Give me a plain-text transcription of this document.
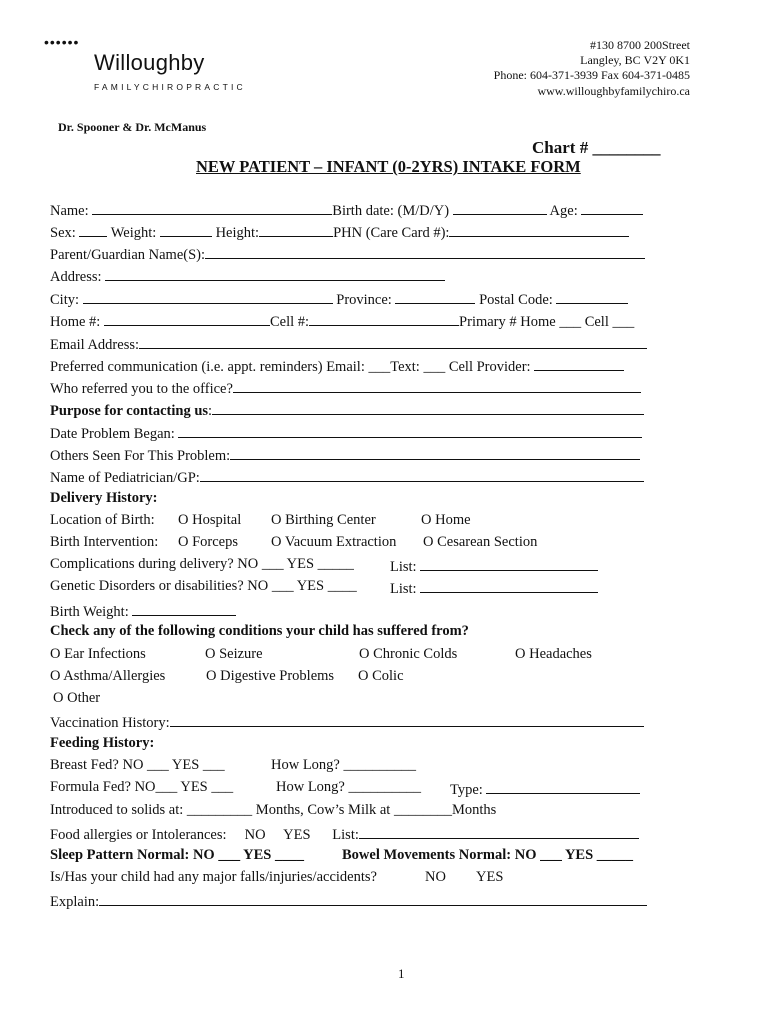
••••••
Willoughby
FAMILYCHIROPRACTIC
#130 8700 200Street
Langley, BC V2Y 0K1
Phone: 604-371-3939 Fax 604-371-0485
www.willoughbyfamilychiro.ca
Dr. Spooner & Dr. McManus
Chart # ________
NEW PATIENT – INFANT (0-2YRS) INTAKE FORM
Name:	Birth date: (M/D/Y)	Age:
Sex: Weight:	Height:	PHN (Care Card #):
Parent/Guardian Name(S):
Address:
City:	Province:	Postal Code:
Home #:	Cell #:	Primary # Home ___ Cell ___
Email Address:
Preferred communication (i.e. appt. reminders) Email: ___Text: ___ Cell Provider:
Who referred you to the office?
Purpose for contacting us:
Date Problem Began:
Others Seen For This Problem:
Name of Pediatrician/GP:
Delivery History:
Location of Birth: O Hospital O Birthing Center	O Home
Birth Intervention: O Forceps O Vacuum Extraction O Cesarean Section
Complications during delivery? NO ___ YES _____ List:
Genetic Disorders or disabilities? NO ___ YES ____ List:
Birth Weight:
Check any of the following conditions your child has suffered from?
O Ear Infections	O Seizure	O Chronic Colds	O Headaches
O Asthma/Allergies	O Digestive Problems O Colic
O Other
Vaccination History:
Feeding History:
Breast Fed? NO ___ YES ___	How Long? __________
Formula Fed? NO___ YES ___	How Long? __________ Type:
Introduced to solids at: _________ Months, Cow’s Milk at ________Months
Food allergies or Intolerances:     NO     YES      List:
Sleep Pattern Normal: NO ___ YES ____	Bowel Movements Normal: NO ___ YES _____
Is/Has your child had any major falls/injuries/accidents?	NO YES
Explain:
1
